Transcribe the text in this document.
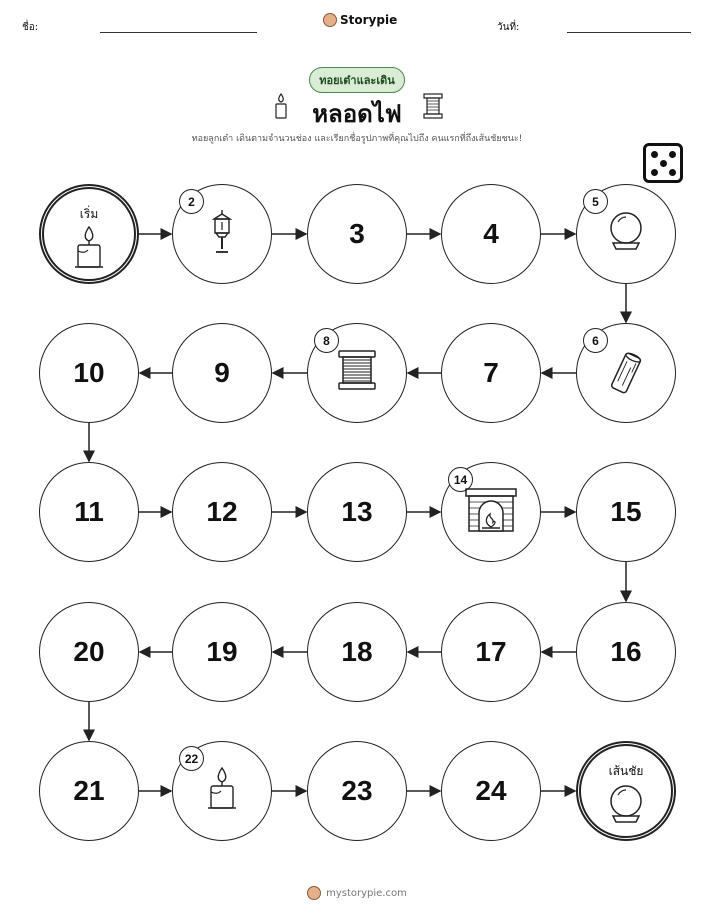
ชื่อ:
Storypie
วันที่:
ทอยเต๋าและเดิน
หลอดไฟ
ทอยลูกเต๋า เดินตามจำนวนช่อง และเรียกชื่อรูปภาพที่คุณไปถึง คนแรกที่ถึงเส้นชัยชนะ!
เริ่ม
2
3	4
5
6
7
8
9
10
11	12	13
14
15
16
17
18
19
20
21
22
23	24
เส้นชัย
mystorypie.com
